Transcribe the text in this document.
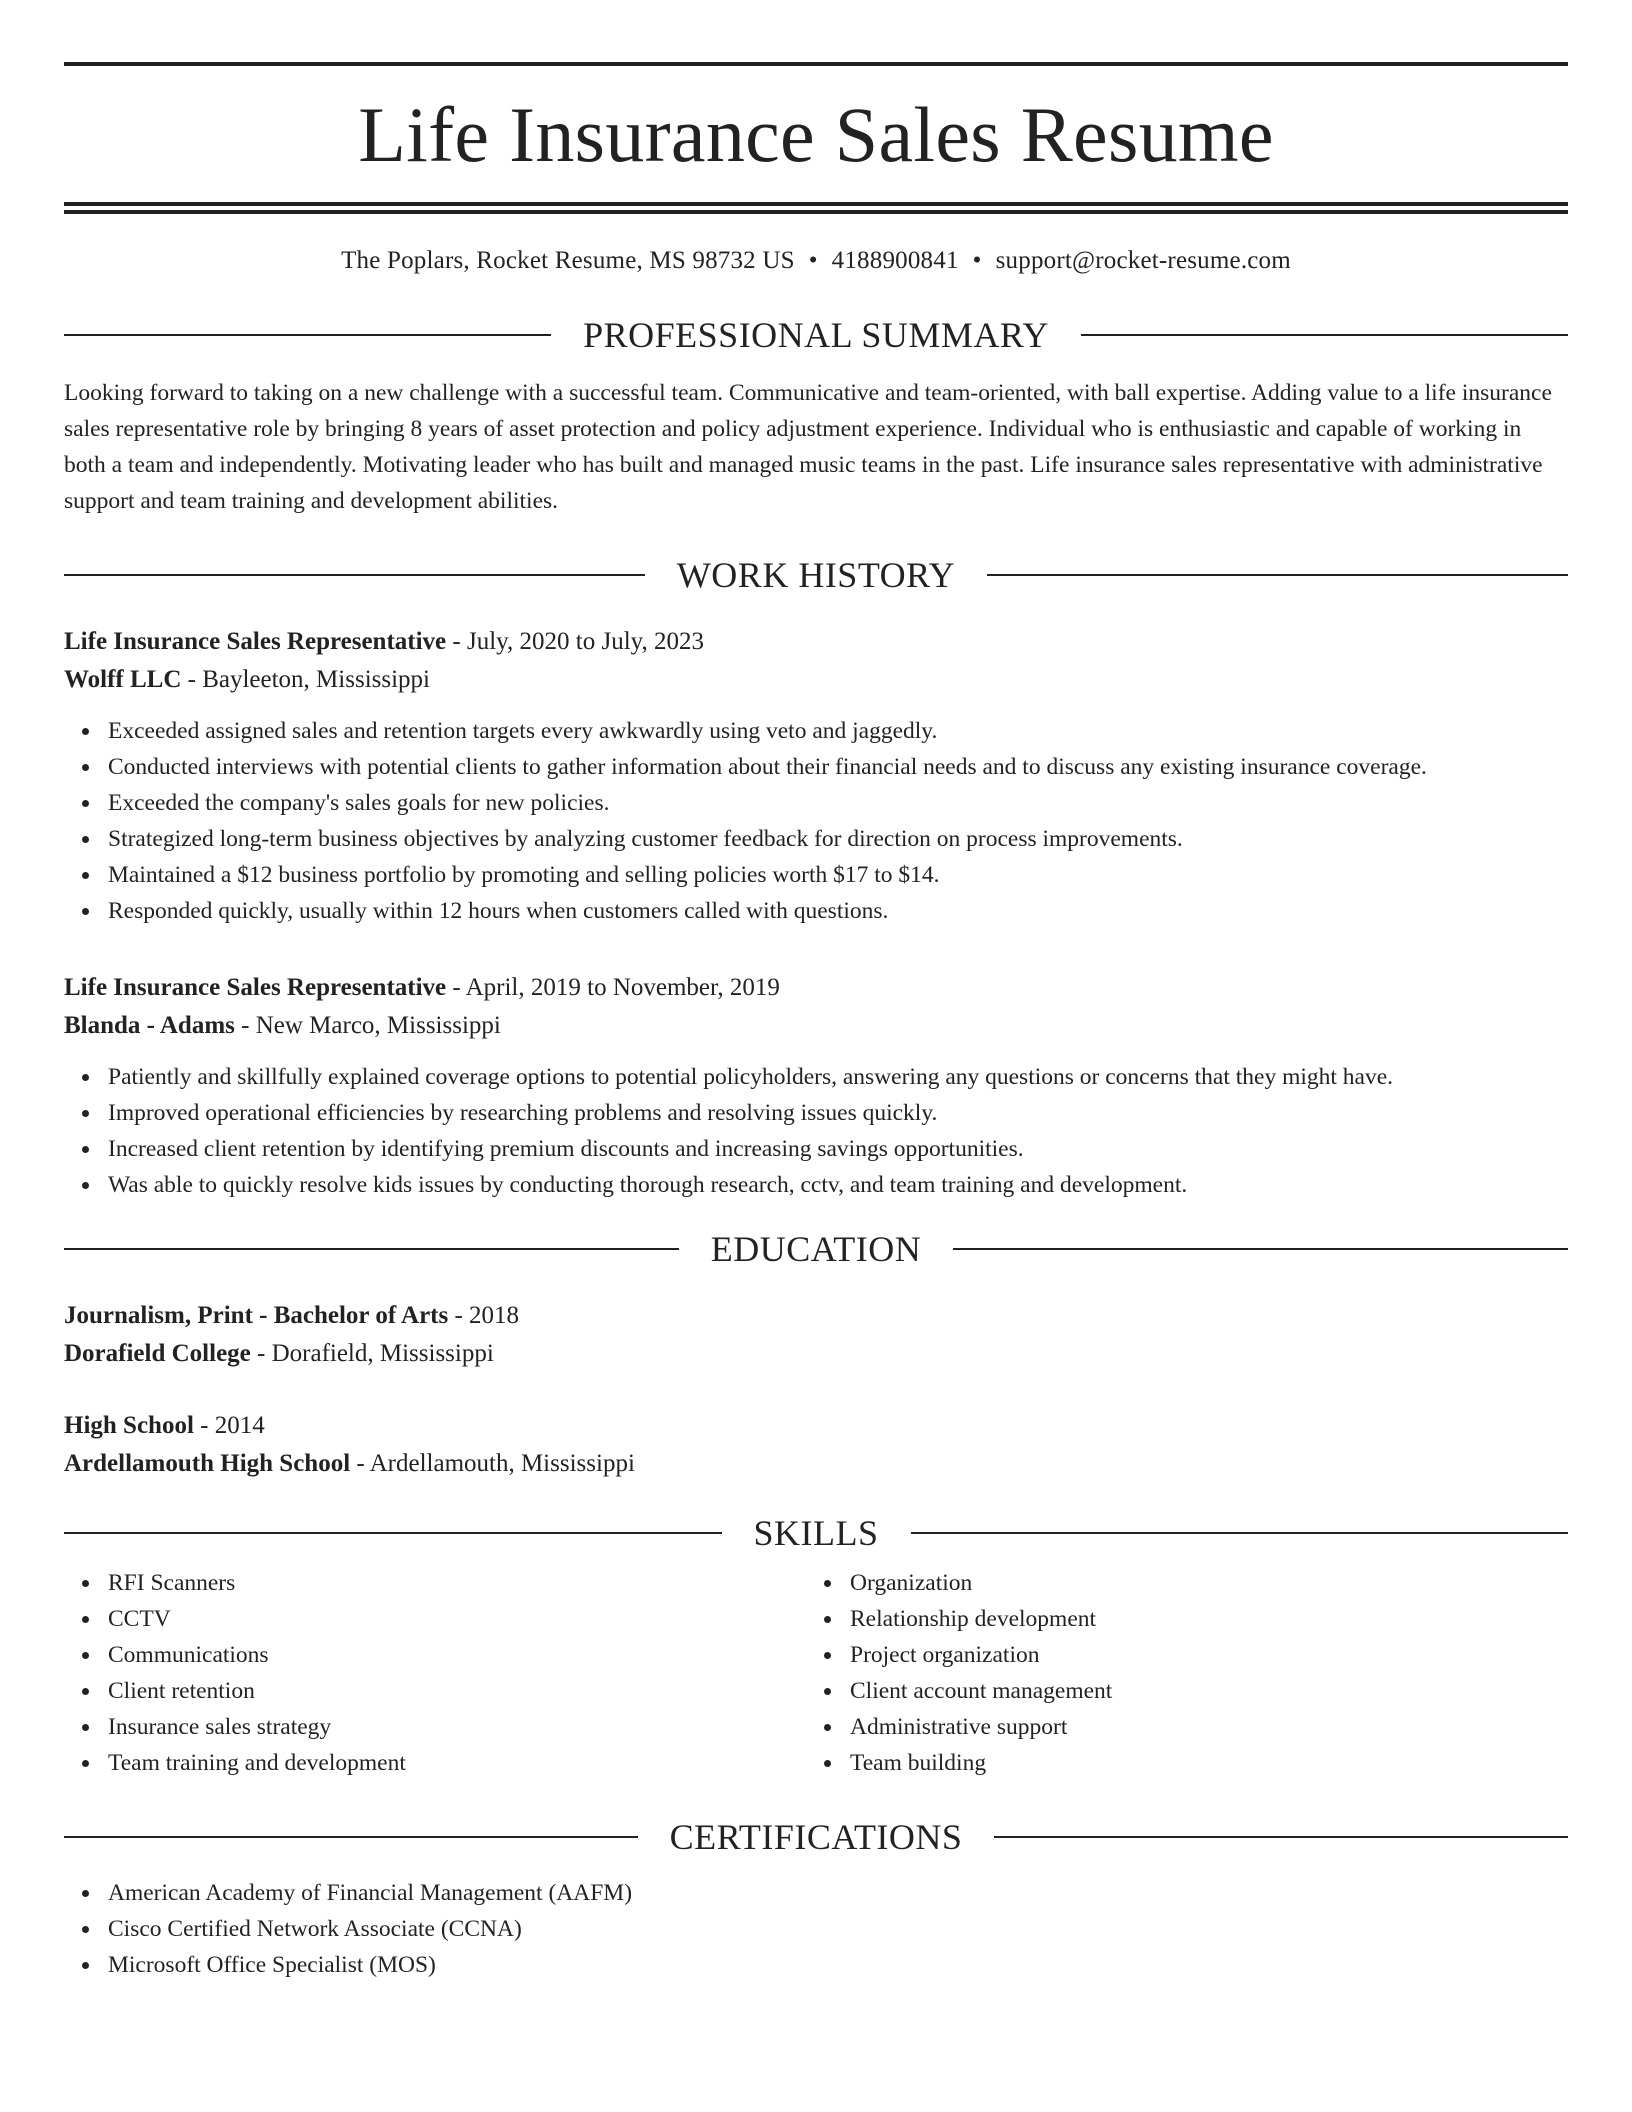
Life Insurance Sales Resume
The Poplars, Rocket Resume, MS 98732 US • 4188900841 • support@rocket-resume.com
PROFESSIONAL SUMMARY

Looking forward to taking on a new challenge with a successful team. Communicative and team-oriented, with ball expertise. Adding value to a life insurance sales representative role by bringing 8 years of asset protection and policy adjustment experience. Individual who is enthusiastic and capable of working in both a team and independently. Motivating leader who has built and managed music teams in the past. Life insurance sales representative with administrative support and team training and development abilities.

WORK HISTORY
Life Insurance Sales Representative - July, 2020 to July, 2023
Wolff LLC - Bayleeton, Mississippi
Exceeded assigned sales and retention targets every awkwardly using veto and jaggedly.
Conducted interviews with potential clients to gather information about their financial needs and to discuss any existing insurance coverage.
Exceeded the company's sales goals for new policies.
Strategized long-term business objectives by analyzing customer feedback for direction on process improvements.
Maintained a $12 business portfolio by promoting and selling policies worth $17 to $14.
Responded quickly, usually within 12 hours when customers called with questions.
Life Insurance Sales Representative - April, 2019 to November, 2019
Blanda - Adams - New Marco, Mississippi
Patiently and skillfully explained coverage options to potential policyholders, answering any questions or concerns that they might have.
Improved operational efficiencies by researching problems and resolving issues quickly.
Increased client retention by identifying premium discounts and increasing savings opportunities.
Was able to quickly resolve kids issues by conducting thorough research, cctv, and team training and development.
EDUCATION
Journalism, Print - Bachelor of Arts - 2018
Dorafield College - Dorafield, Mississippi
High School - 2014
Ardellamouth High School - Ardellamouth, Mississippi
SKILLS
RFI Scanners
CCTV
Communications
Client retention
Insurance sales strategy
Team training and development
Organization
Relationship development
Project organization
Client account management
Administrative support
Team building
CERTIFICATIONS
American Academy of Financial Management (AAFM)
Cisco Certified Network Associate (CCNA)
Microsoft Office Specialist (MOS)
